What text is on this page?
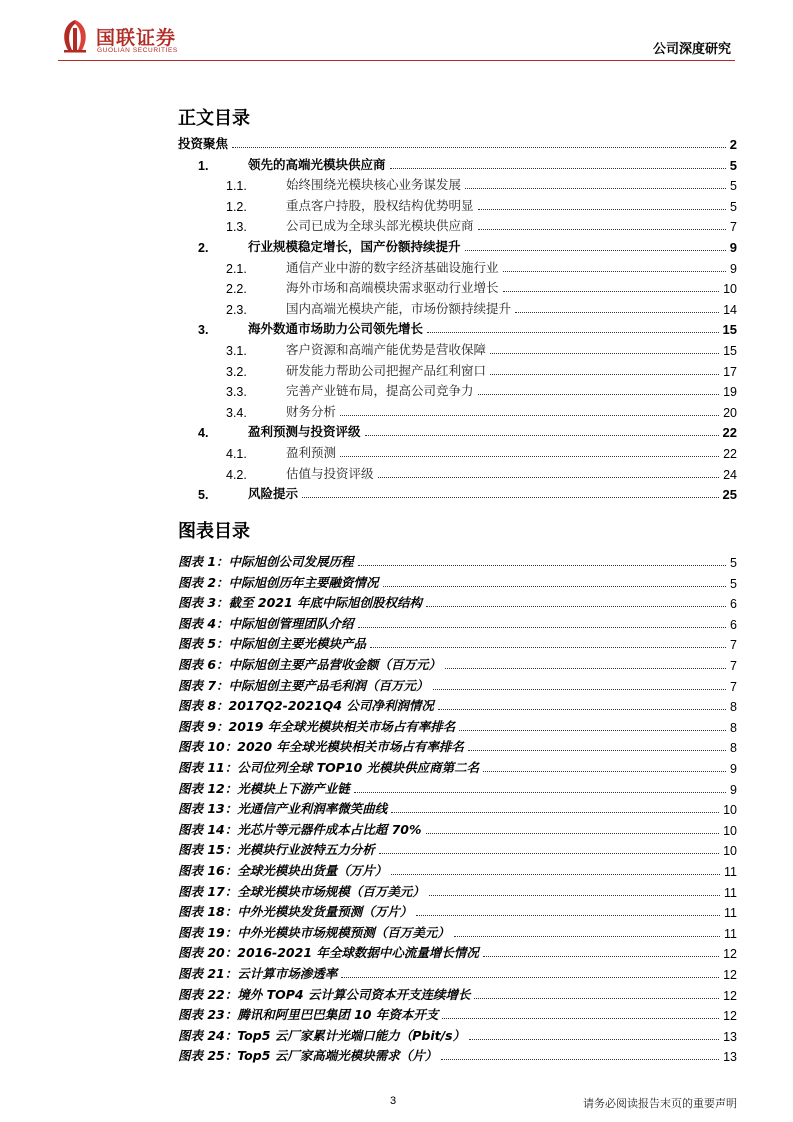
国联证券
GUOLIAN SECURITIES	公司深度研究
正文目录
投资聚焦	2
1.	领先的高端光模块供应商	5
1.1.	始终围绕光模块核心业务谋发展	5
1.2.	重点客户持股，股权结构优势明显	5
1.3.	公司已成为全球头部光模块供应商	7
2.	行业规模稳定增长，国产份额持续提升	9
2.1.	通信产业中游的数字经济基础设施行业	9
2.2.	海外市场和高端模块需求驱动行业增长	10
2.3.	国内高端光模块产能，市场份额持续提升	14
3.	海外数通市场助力公司领先增长	15
3.1.	客户资源和高端产能优势是营收保障	15
3.2.	研发能力帮助公司把握产品红利窗口	17
3.3.	完善产业链布局，提高公司竞争力	19
3.4.	财务分析	20
4.	盈利预测与投资评级	22
4.1.	盈利预测	22
4.2.	估值与投资评级	24
5.	风险提示	25
图表目录
图表 1：中际旭创公司发展历程	5
图表 2：中际旭创历年主要融资情况	5
图表 3：截至 2021 年底中际旭创股权结构	6
图表 4：中际旭创管理团队介绍	6
图表 5：中际旭创主要光模块产品	7
图表 6：中际旭创主要产品营收金额（百万元）	7
图表 7：中际旭创主要产品毛利润（百万元）	7
图表 8：2017Q2-2021Q4 公司净利润情况	8
图表 9：2019 年全球光模块相关市场占有率排名	8
图表 10：2020 年全球光模块相关市场占有率排名	8
图表 11：公司位列全球 TOP10 光模块供应商第二名	9
图表 12：光模块上下游产业链	9
图表 13：光通信产业利润率微笑曲线	10
图表 14：光芯片等元器件成本占比超 70%	10
图表 15：光模块行业波特五力分析	10
图表 16：全球光模块出货量（万片）	11
图表 17：全球光模块市场规模（百万美元）	11
图表 18：中外光模块发货量预测（万片）	11
图表 19：中外光模块市场规模预测（百万美元）	11
图表 20：2016-2021 年全球数据中心流量增长情况	12
图表 21：云计算市场渗透率	12
图表 22：境外 TOP4 云计算公司资本开支连续增长	12
图表 23：腾讯和阿里巴巴集团 10 年资本开支	12
图表 24：Top5 云厂家累计光端口能力（Pbit/s）	13
图表 25：Top5 云厂家高端光模块需求（片）	13
3	请务必阅读报告末页的重要声明
